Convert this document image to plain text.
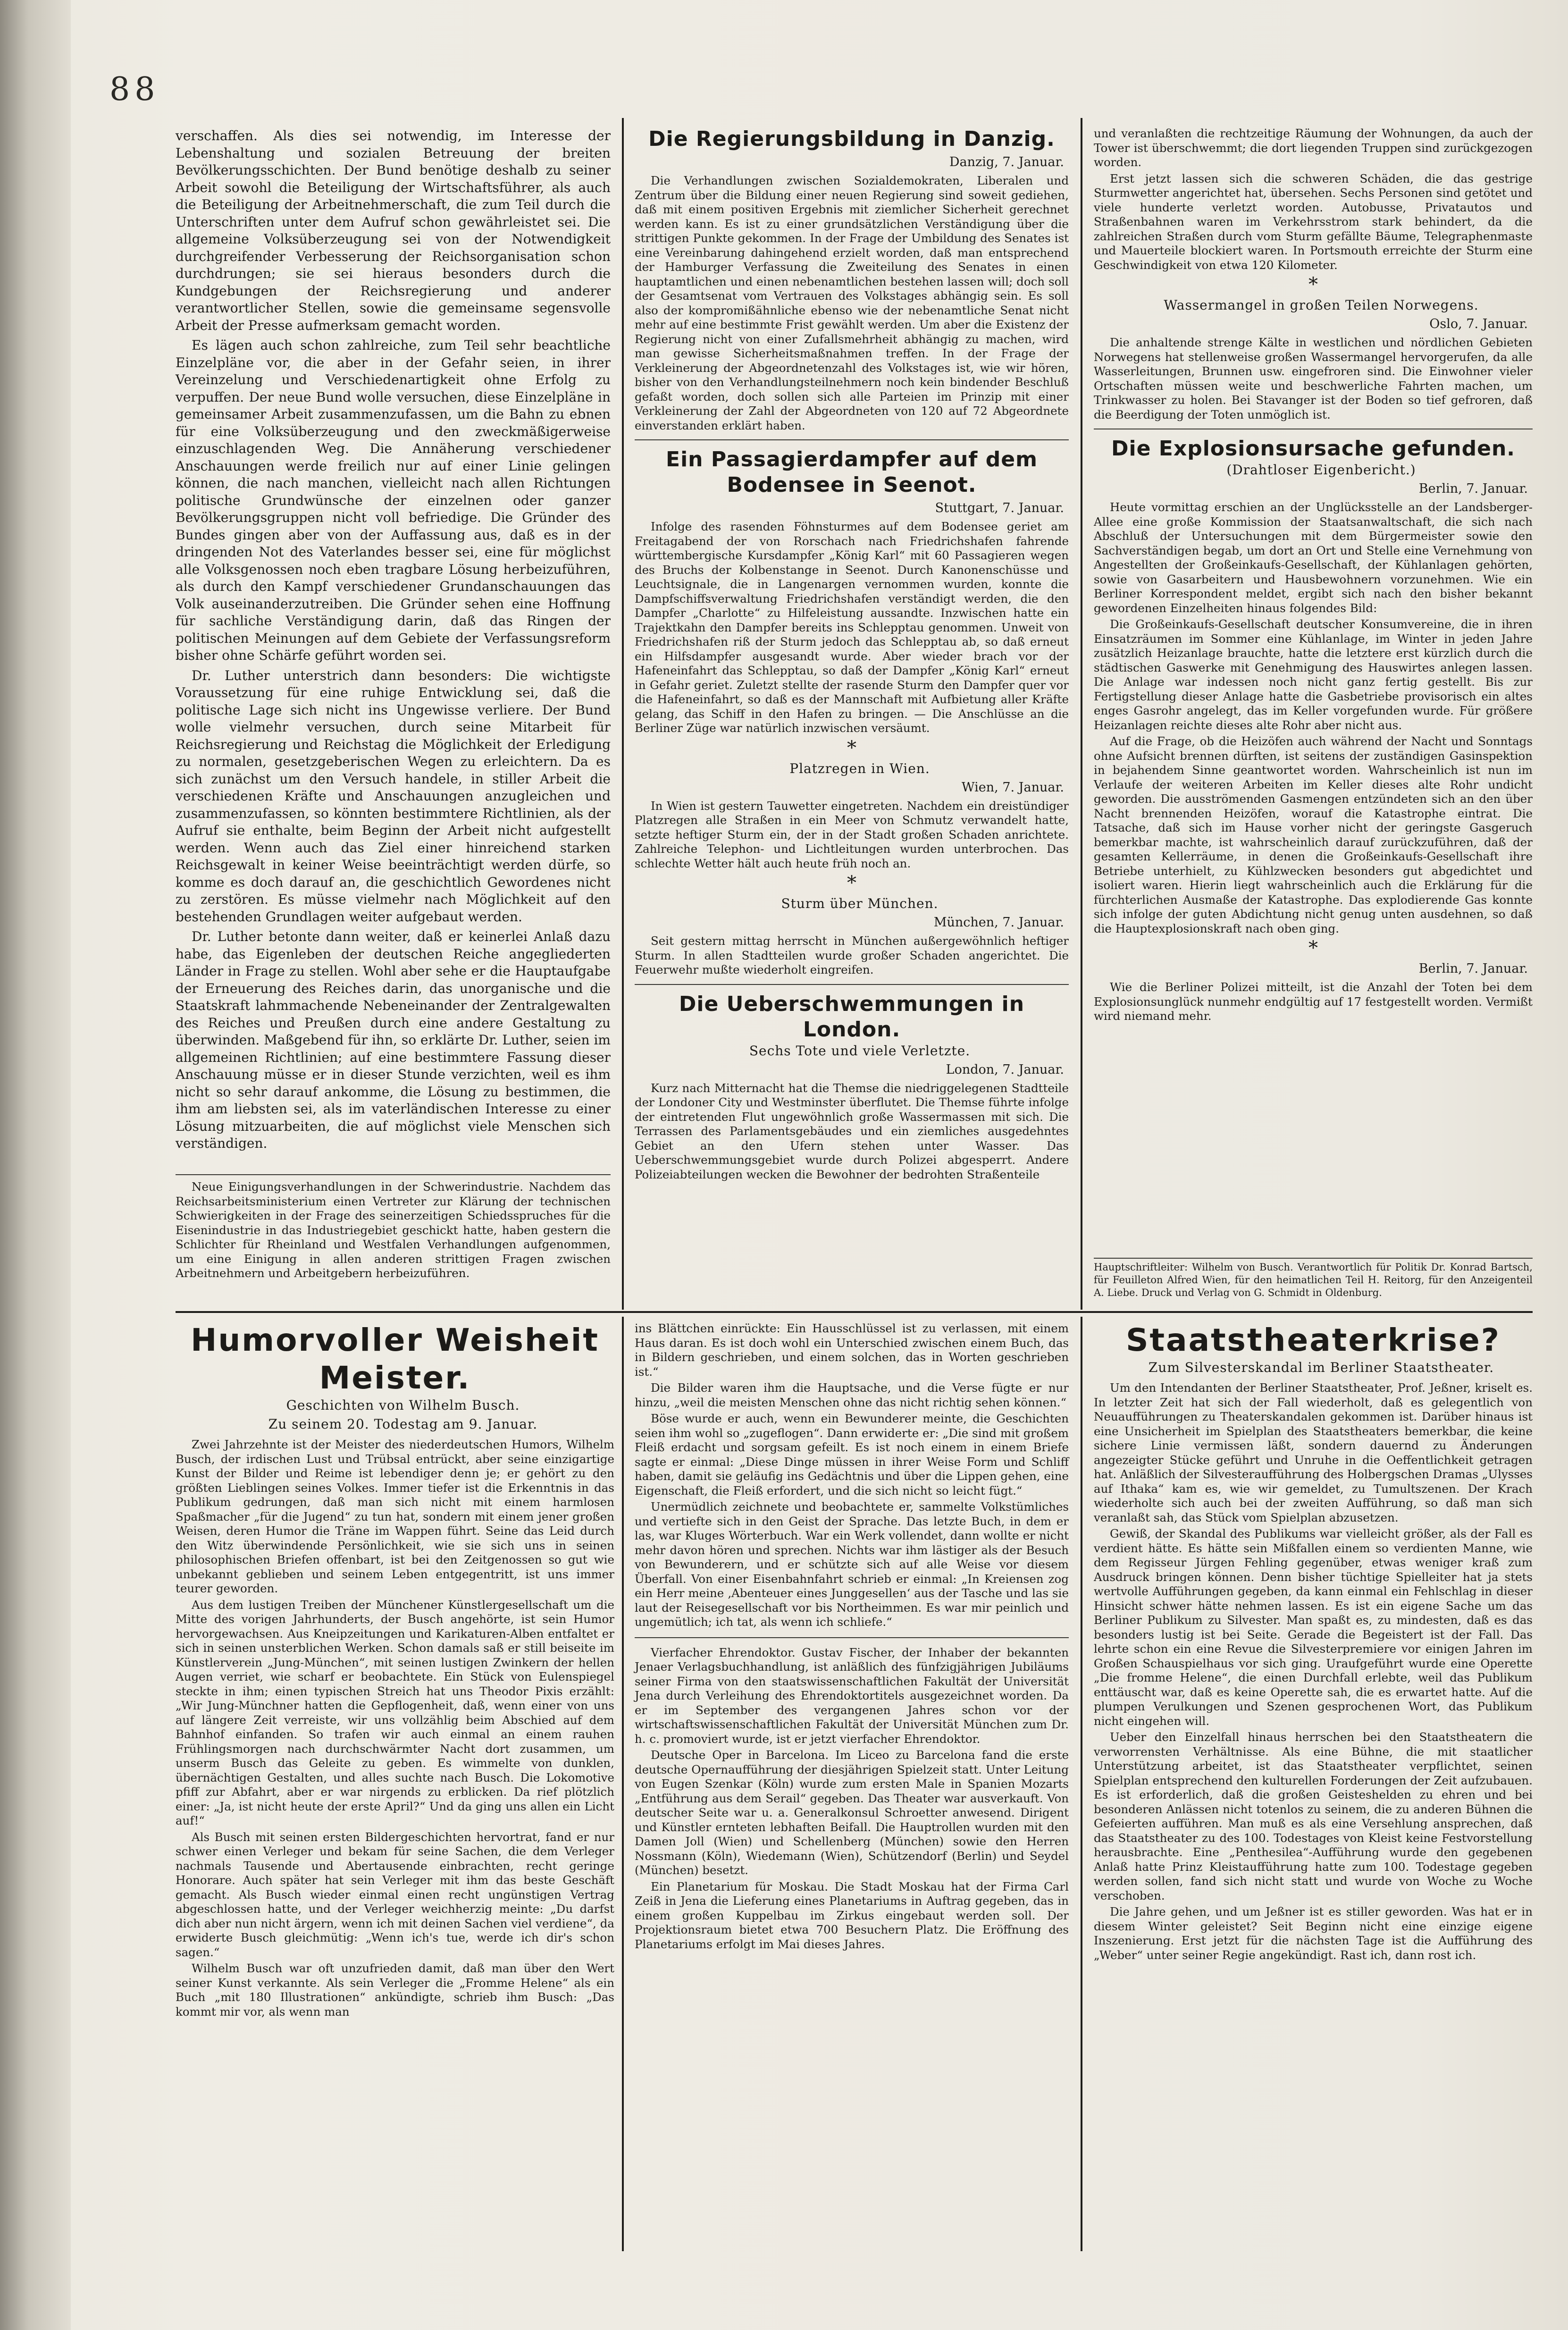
88

verschaffen. Als dies sei notwendig, im Interesse der Lebenshaltung und sozialen Betreuung der breiten Bevölkerungsschichten. Der Bund benötige deshalb zu seiner Arbeit sowohl die Beteiligung der Wirtschaftsführer, als auch die Beteiligung der Arbeitnehmerschaft, die zum Teil durch die Unterschriften unter dem Aufruf schon gewährleistet sei. Die allgemeine Volksüberzeugung sei von der Notwendigkeit durchgreifender Verbesserung der Reichsorganisation schon durchdrungen; sie sei hieraus besonders durch die Kundgebungen der Reichsregierung und anderer verantwortlicher Stellen, sowie die gemeinsame segensvolle Arbeit der Presse aufmerksam gemacht worden.

Es lägen auch schon zahlreiche, zum Teil sehr beachtliche Einzelpläne vor, die aber in der Gefahr seien, in ihrer Vereinzelung und Verschiedenartigkeit ohne Erfolg zu verpuffen. Der neue Bund wolle versuchen, diese Einzelpläne in gemeinsamer Arbeit zusammenzufassen, um die Bahn zu ebnen für eine Volksüberzeugung und den zweckmäßigerweise einzuschlagenden Weg. Die Annäherung verschiedener Anschauungen werde freilich nur auf einer Linie gelingen können, die nach manchen, vielleicht nach allen Richtungen politische Grundwünsche der einzelnen oder ganzer Bevölkerungsgruppen nicht voll befriedige. Die Gründer des Bundes gingen aber von der Auffassung aus, daß es in der dringenden Not des Vaterlandes besser sei, eine für möglichst alle Volksgenossen noch eben tragbare Lösung herbeizuführen, als durch den Kampf verschiedener Grundanschauungen das Volk auseinanderzutreiben. Die Gründer sehen eine Hoffnung für sachliche Verständigung darin, daß das Ringen der politischen Meinungen auf dem Gebiete der Verfassungsreform bisher ohne Schärfe geführt worden sei.

Dr. Luther unterstrich dann besonders: Die wichtigste Voraussetzung für eine ruhige Entwicklung sei, daß die politische Lage sich nicht ins Ungewisse verliere. Der Bund wolle vielmehr versuchen, durch seine Mitarbeit für Reichsregierung und Reichstag die Möglichkeit der Erledigung zu normalen, gesetzgeberischen Wegen zu erleichtern. Da es sich zunächst um den Versuch handele, in stiller Arbeit die verschiedenen Kräfte und Anschauungen anzugleichen und zusammenzufassen, so könnten bestimmtere Richtlinien, als der Aufruf sie enthalte, beim Beginn der Arbeit nicht aufgestellt werden. Wenn auch das Ziel einer hinreichend starken Reichsgewalt in keiner Weise beeinträchtigt werden dürfe, so komme es doch darauf an, die geschichtlich Gewordenes nicht zu zerstören. Es müsse vielmehr nach Möglichkeit auf den bestehenden Grundlagen weiter aufgebaut werden.

Dr. Luther betonte dann weiter, daß er keinerlei Anlaß dazu habe, das Eigenleben der deutschen Reiche angegliederten Länder in Frage zu stellen. Wohl aber sehe er die Hauptaufgabe der Erneuerung des Reiches darin, das unorganische und die Staatskraft lahmmachende Nebeneinander der Zentralgewalten des Reiches und Preußen durch eine andere Gestaltung zu überwinden. Maßgebend für ihn, so erklärte Dr. Luther, seien im allgemeinen Richtlinien; auf eine bestimmtere Fassung dieser Anschauung müsse er in dieser Stunde verzichten, weil es ihm nicht so sehr darauf ankomme, die Lösung zu bestimmen, die ihm am liebsten sei, als im vaterländischen Interesse zu einer Lösung mitzuarbeiten, die auf möglichst viele Menschen sich verständigen.

Neue Einigungsverhandlungen in der Schwerindustrie. Nachdem das Reichsarbeitsministerium einen Vertreter zur Klärung der technischen Schwierigkeiten in der Frage des seinerzeitigen Schiedsspruches für die Eisenindustrie in das Industriegebiet geschickt hatte, haben gestern die Schlichter für Rheinland und Westfalen Verhandlungen aufgenommen, um eine Einigung in allen anderen strittigen Fragen zwischen Arbeitnehmern und Arbeitgebern herbeizuführen.

Die Regierungsbildung in Danzig.
Danzig, 7. Januar.

Die Verhandlungen zwischen Sozialdemokraten, Liberalen und Zentrum über die Bildung einer neuen Regierung sind soweit gediehen, daß mit einem positiven Ergebnis mit ziemlicher Sicherheit gerechnet werden kann. Es ist zu einer grundsätzlichen Verständigung über die strittigen Punkte gekommen. In der Frage der Umbildung des Senates ist eine Vereinbarung dahingehend erzielt worden, daß man entsprechend der Hamburger Verfassung die Zweiteilung des Senates in einen hauptamtlichen und einen nebenamtlichen bestehen lassen will; doch soll der Gesamtsenat vom Vertrauen des Volkstages abhängig sein. Es soll also der kompromißähnliche ebenso wie der nebenamtliche Senat nicht mehr auf eine bestimmte Frist gewählt werden. Um aber die Existenz der Regierung nicht von einer Zufallsmehrheit abhängig zu machen, wird man gewisse Sicherheitsmaßnahmen treffen. In der Frage der Verkleinerung der Abgeordnetenzahl des Volkstages ist, wie wir hören, bisher von den Verhandlungsteilnehmern noch kein bindender Beschluß gefaßt worden, doch sollen sich alle Parteien im Prinzip mit einer Verkleinerung der Zahl der Abgeordneten von 120 auf 72 Abgeordnete einverstanden erklärt haben.

Ein Passagierdampfer auf dem Bodensee in Seenot.
Stuttgart, 7. Januar.

Infolge des rasenden Föhnsturmes auf dem Bodensee geriet am Freitagabend der von Rorschach nach Friedrichshafen fahrende württembergische Kursdampfer „König Karl“ mit 60 Passagieren wegen des Bruchs der Kolbenstange in Seenot. Durch Kanonenschüsse und Leuchtsignale, die in Langenargen vernommen wurden, konnte die Dampfschiffsverwaltung Friedrichshafen verständigt werden, die den Dampfer „Charlotte“ zu Hilfeleistung aussandte. Inzwischen hatte ein Trajektkahn den Dampfer bereits ins Schlepptau genommen. Unweit von Friedrichshafen riß der Sturm jedoch das Schlepptau ab, so daß erneut ein Hilfsdampfer ausgesandt wurde. Aber wieder brach vor der Hafeneinfahrt das Schlepptau, so daß der Dampfer „König Karl“ erneut in Gefahr geriet. Zuletzt stellte der rasende Sturm den Dampfer quer vor die Hafeneinfahrt, so daß es der Mannschaft mit Aufbietung aller Kräfte gelang, das Schiff in den Hafen zu bringen. — Die Anschlüsse an die Berliner Züge war natürlich inzwischen versäumt.

*

Platzregen in Wien.

Wien, 7. Januar.

In Wien ist gestern Tauwetter eingetreten. Nachdem ein dreistündiger Platzregen alle Straßen in ein Meer von Schmutz verwandelt hatte, setzte heftiger Sturm ein, der in der Stadt großen Schaden anrichtete. Zahlreiche Telephon- und Lichtleitungen wurden unterbrochen. Das schlechte Wetter hält auch heute früh noch an.

*

Sturm über München.

München, 7. Januar.

Seit gestern mittag herrscht in München außergewöhnlich heftiger Sturm. In allen Stadtteilen wurde großer Schaden angerichtet. Die Feuerwehr mußte wiederholt eingreifen.

Die Ueberschwemmungen in London.

Sechs Tote und viele Verletzte.

London, 7. Januar.

Kurz nach Mitternacht hat die Themse die niedriggelegenen Stadtteile der Londoner City und Westminster überflutet. Die Themse führte infolge der eintretenden Flut ungewöhnlich große Wassermassen mit sich. Die Terrassen des Parlamentsgebäudes und ein ziemliches ausgedehntes Gebiet an den Ufern stehen unter Wasser. Das Ueberschwemmungsgebiet wurde durch Polizei abgesperrt. Andere Polizeiabteilungen wecken die Bewohner der bedrohten Straßenteile

und veranlaßten die rechtzeitige Räumung der Wohnungen, da auch der Tower ist überschwemmt; die dort liegenden Truppen sind zurückgezogen worden.

Erst jetzt lassen sich die schweren Schäden, die das gestrige Sturmwetter angerichtet hat, übersehen. Sechs Personen sind getötet und viele hunderte verletzt worden. Autobusse, Privatautos und Straßenbahnen waren im Verkehrsstrom stark behindert, da die zahlreichen Straßen durch vom Sturm gefällte Bäume, Telegraphenmaste und Mauerteile blockiert waren. In Portsmouth erreichte der Sturm eine Geschwindigkeit von etwa 120 Kilometer.

*

Wassermangel in großen Teilen Norwegens.

Oslo, 7. Januar.

Die anhaltende strenge Kälte in westlichen und nördlichen Gebieten Norwegens hat stellenweise großen Wassermangel hervorgerufen, da alle Wasserleitungen, Brunnen usw. eingefroren sind. Die Einwohner vieler Ortschaften müssen weite und beschwerliche Fahrten machen, um Trinkwasser zu holen. Bei Stavanger ist der Boden so tief gefroren, daß die Beerdigung der Toten unmöglich ist.

Die Explosionsursache gefunden.

(Drahtloser Eigenbericht.)

Berlin, 7. Januar.

Heute vormittag erschien an der Unglücksstelle an der Landsberger-Allee eine große Kommission der Staatsanwaltschaft, die sich nach Abschluß der Untersuchungen mit dem Bürgermeister sowie den Sachverständigen begab, um dort an Ort und Stelle eine Vernehmung von Angestellten der Großeinkaufs-Gesellschaft, der Kühlanlagen gehörten, sowie von Gasarbeitern und Hausbewohnern vorzunehmen. Wie ein Berliner Korrespondent meldet, ergibt sich nach den bisher bekannt gewordenen Einzelheiten hinaus folgendes Bild:

Die Großeinkaufs-Gesellschaft deutscher Konsumvereine, die in ihren Einsatzräumen im Sommer eine Kühlanlage, im Winter in jeden Jahre zusätzlich Heizanlage brauchte, hatte die letztere erst kürzlich durch die städtischen Gaswerke mit Genehmigung des Hauswirtes anlegen lassen. Die Anlage war indessen noch nicht ganz fertig gestellt. Bis zur Fertigstellung dieser Anlage hatte die Gasbetriebe provisorisch ein altes enges Gasrohr angelegt, das im Keller vorgefunden wurde. Für größere Heizanlagen reichte dieses alte Rohr aber nicht aus.

Auf die Frage, ob die Heizöfen auch während der Nacht und Sonntags ohne Aufsicht brennen dürften, ist seitens der zuständigen Gasinspektion in bejahendem Sinne geantwortet worden. Wahrscheinlich ist nun im Verlaufe der weiteren Arbeiten im Keller dieses alte Rohr undicht geworden. Die ausströmenden Gasmengen entzündeten sich an den über Nacht brennenden Heizöfen, worauf die Katastrophe eintrat. Die Tatsache, daß sich im Hause vorher nicht der geringste Gasgeruch bemerkbar machte, ist wahrscheinlich darauf zurückzuführen, daß der gesamten Kellerräume, in denen die Großeinkaufs-Gesellschaft ihre Betriebe unterhielt, zu Kühlzwecken besonders gut abgedichtet und isoliert waren. Hierin liegt wahrscheinlich auch die Erklärung für die fürchterlichen Ausmaße der Katastrophe. Das explodierende Gas konnte sich infolge der guten Abdichtung nicht genug unten ausdehnen, so daß die Hauptexplosionskraft nach oben ging.

*
Berlin, 7. Januar.

Wie die Berliner Polizei mitteilt, ist die Anzahl der Toten bei dem Explosionsunglück nunmehr endgültig auf 17 festgestellt worden. Vermißt wird niemand mehr.

Hauptschriftleiter: Wilhelm von Busch. Verantwortlich für Politik Dr. Konrad Bartsch, für Feuilleton Alfred Wien, für den heimatlichen Teil H. Reitorg, für den Anzeigenteil A. Liebe. Druck und Verlag von G. Schmidt in Oldenburg.
Humorvoller Weisheit Meister.

Geschichten von Wilhelm Busch.

Zu seinem 20. Todestag am 9. Januar.

Zwei Jahrzehnte ist der Meister des niederdeutschen Humors, Wilhelm Busch, der irdischen Lust und Trübsal entrückt, aber seine einzigartige Kunst der Bilder und Reime ist lebendiger denn je; er gehört zu den größten Lieblingen seines Volkes. Immer tiefer ist die Erkenntnis in das Publikum gedrungen, daß man sich nicht mit einem harmlosen Spaßmacher „für die Jugend“ zu tun hat, sondern mit einem jener großen Weisen, deren Humor die Träne im Wappen führt. Seine das Leid durch den Witz überwindende Persönlichkeit, wie sie sich uns in seinen philosophischen Briefen offenbart, ist bei den Zeitgenossen so gut wie unbekannt geblieben und seinem Leben entgegentritt, ist uns immer teurer geworden.

Aus dem lustigen Treiben der Münchener Künstlergesellschaft um die Mitte des vorigen Jahrhunderts, der Busch angehörte, ist sein Humor hervorgewachsen. Aus Kneipzeitungen und Karikaturen-Alben entfaltet er sich in seinen unsterblichen Werken. Schon damals saß er still beiseite im Künstlerverein „Jung-München“, mit seinen lustigen Zwinkern der hellen Augen verriet, wie scharf er beobachtete. Ein Stück von Eulenspiegel steckte in ihm; einen typischen Streich hat uns Theodor Pixis erzählt: „Wir Jung-Münchner hatten die Gepflogenheit, daß, wenn einer von uns auf längere Zeit verreiste, wir uns vollzählig beim Abschied auf dem Bahnhof einfanden. So trafen wir auch einmal an einem rauhen Frühlingsmorgen nach durchschwärmter Nacht dort zusammen, um unserm Busch das Geleite zu geben. Es wimmelte von dunklen, übernächtigen Gestalten, und alles suchte nach Busch. Die Lokomotive pfiff zur Abfahrt, aber er war nirgends zu erblicken. Da rief plötzlich einer: „Ja, ist nicht heute der erste April?“ Und da ging uns allen ein Licht auf!“

Als Busch mit seinen ersten Bildergeschichten hervortrat, fand er nur schwer einen Verleger und bekam für seine Sachen, die dem Verleger nachmals Tausende und Abertausende einbrachten, recht geringe Honorare. Auch später hat sein Verleger mit ihm das beste Geschäft gemacht. Als Busch wieder einmal einen recht ungünstigen Vertrag abgeschlossen hatte, und der Verleger weichherzig meinte: „Du darfst dich aber nun nicht ärgern, wenn ich mit deinen Sachen viel verdiene“, da erwiderte Busch gleichmütig: „Wenn ich's tue, werde ich dir's schon sagen.“

Wilhelm Busch war oft unzufrieden damit, daß man über den Wert seiner Kunst verkannte. Als sein Verleger die „Fromme Helene“ als ein Buch „mit 180 Illustrationen“ ankündigte, schrieb ihm Busch: „Das kommt mir vor, als wenn man

ins Blättchen einrückte: Ein Hausschlüssel ist zu verlassen, mit einem Haus daran. Es ist doch wohl ein Unterschied zwischen einem Buch, das in Bildern geschrieben, und einem solchen, das in Worten geschrieben ist.“

Die Bilder waren ihm die Hauptsache, und die Verse fügte er nur hinzu, „weil die meisten Menschen ohne das nicht richtig sehen können.“

Böse wurde er auch, wenn ein Bewunderer meinte, die Geschichten seien ihm wohl so „zugeflogen“. Dann erwiderte er: „Die sind mit großem Fleiß erdacht und sorgsam gefeilt. Es ist noch einem in einem Briefe sagte er einmal: „Diese Dinge müssen in ihrer Weise Form und Schliff haben, damit sie geläufig ins Gedächtnis und über die Lippen gehen, eine Eigenschaft, die Fleiß erfordert, und die sich nicht so leicht fügt.“

Unermüdlich zeichnete und beobachtete er, sammelte Volkstümliches und vertiefte sich in den Geist der Sprache. Das letzte Buch, in dem er las, war Kluges Wörterbuch. War ein Werk vollendet, dann wollte er nicht mehr davon hören und sprechen. Nichts war ihm lästiger als der Besuch von Bewunderern, und er schützte sich auf alle Weise vor diesem Überfall. Von einer Eisenbahnfahrt schrieb er einmal: „In Kreiensen zog ein Herr meine ‚Abenteuer eines Junggesellen‘ aus der Tasche und las sie laut der Reisegesellschaft vor bis Northeimmen. Es war mir peinlich und ungemütlich; ich tat, als wenn ich schliefe.“

Vierfacher Ehrendoktor. Gustav Fischer, der Inhaber der bekannten Jenaer Verlagsbuchhandlung, ist anläßlich des fünfzigjährigen Jubiläums seiner Firma von den staatswissenschaftlichen Fakultät der Universität Jena durch Verleihung des Ehrendoktortitels ausgezeichnet worden. Da er im September des vergangenen Jahres schon vor der wirtschaftswissenschaftlichen Fakultät der Universität München zum Dr. h. c. promoviert wurde, ist er jetzt vierfacher Ehrendoktor.

Deutsche Oper in Barcelona. Im Liceo zu Barcelona fand die erste deutsche Opernaufführung der diesjährigen Spielzeit statt. Unter Leitung von Eugen Szenkar (Köln) wurde zum ersten Male in Spanien Mozarts „Entführung aus dem Serail“ gegeben. Das Theater war ausverkauft. Von deutscher Seite war u. a. Generalkonsul Schroetter anwesend. Dirigent und Künstler ernteten lebhaften Beifall. Die Hauptrollen wurden mit den Damen Joll (Wien) und Schellenberg (München) sowie den Herren Nossmann (Köln), Wiedemann (Wien), Schützendorf (Berlin) und Seydel (München) besetzt.

Ein Planetarium für Moskau. Die Stadt Moskau hat der Firma Carl Zeiß in Jena die Lieferung eines Planetariums in Auftrag gegeben, das in einem großen Kuppelbau im Zirkus eingebaut werden soll. Der Projektionsraum bietet etwa 700 Besuchern Platz. Die Eröffnung des Planetariums erfolgt im Mai dieses Jahres.

Staatstheaterkrise?

Zum Silvesterskandal im Berliner Staatstheater.

Um den Intendanten der Berliner Staatstheater, Prof. Jeßner, kriselt es. In letzter Zeit hat sich der Fall wiederholt, daß es gelegentlich von Neuaufführungen zu Theaterskandalen gekommen ist. Darüber hinaus ist eine Unsicherheit im Spielplan des Staatstheaters bemerkbar, die keine sichere Linie vermissen läßt, sondern dauernd zu Änderungen angezeigter Stücke geführt und Unruhe in die Oeffentlichkeit getragen hat. Anläßlich der Silvesteraufführung des Holbergschen Dramas „Ulysses auf Ithaka“ kam es, wie wir gemeldet, zu Tumultszenen. Der Krach wiederholte sich auch bei der zweiten Aufführung, so daß man sich veranlaßt sah, das Stück vom Spielplan abzusetzen.

Gewiß, der Skandal des Publikums war vielleicht größer, als der Fall es verdient hätte. Es hätte sein Mißfallen einem so verdienten Manne, wie dem Regisseur Jürgen Fehling gegenüber, etwas weniger kraß zum Ausdruck bringen können. Denn bisher tüchtige Spielleiter hat ja stets wertvolle Aufführungen gegeben, da kann einmal ein Fehlschlag in dieser Hinsicht schwer hätte nehmen lassen. Es ist ein eigene Sache um das Berliner Publikum zu Silvester. Man spaßt es, zu mindesten, daß es das besonders lustig ist bei Seite. Gerade die Begeistert ist der Fall. Das lehrte schon ein eine Revue die Silvesterpremiere vor einigen Jahren im Großen Schauspielhaus vor sich ging. Uraufgeführt wurde eine Operette „Die fromme Helene“, die einen Durchfall erlebte, weil das Publikum enttäuscht war, daß es keine Operette sah, die es erwartet hatte. Auf die plumpen Verulkungen und Szenen gesprochenen Wort, das Publikum nicht eingehen will.

Ueber den Einzelfall hinaus herrschen bei den Staatstheatern die verworrensten Verhältnisse. Als eine Bühne, die mit staatlicher Unterstützung arbeitet, ist das Staatstheater verpflichtet, seinen Spielplan entsprechend den kulturellen Forderungen der Zeit aufzubauen. Es ist erforderlich, daß die großen Geisteshelden zu ehren und bei besonderen Anlässen nicht totenlos zu seinem, die zu anderen Bühnen die Gefeierten aufführen. Man muß es als eine Versehlung ansprechen, daß das Staatstheater zu des 100. Todestages von Kleist keine Festvorstellung herausbrachte. Eine „Penthesilea“-Aufführung wurde den gegebenen Anlaß hatte Prinz Kleistaufführung hatte zum 100. Todestage gegeben werden sollen, fand sich nicht statt und wurde von Woche zu Woche verschoben.

Die Jahre gehen, und um Jeßner ist es stiller geworden. Was hat er in diesem Winter geleistet? Seit Beginn nicht eine einzige eigene Inszenierung. Erst jetzt für die nächsten Tage ist die Aufführung des „Weber“ unter seiner Regie angekündigt. Rast ich, dann rost ich.
